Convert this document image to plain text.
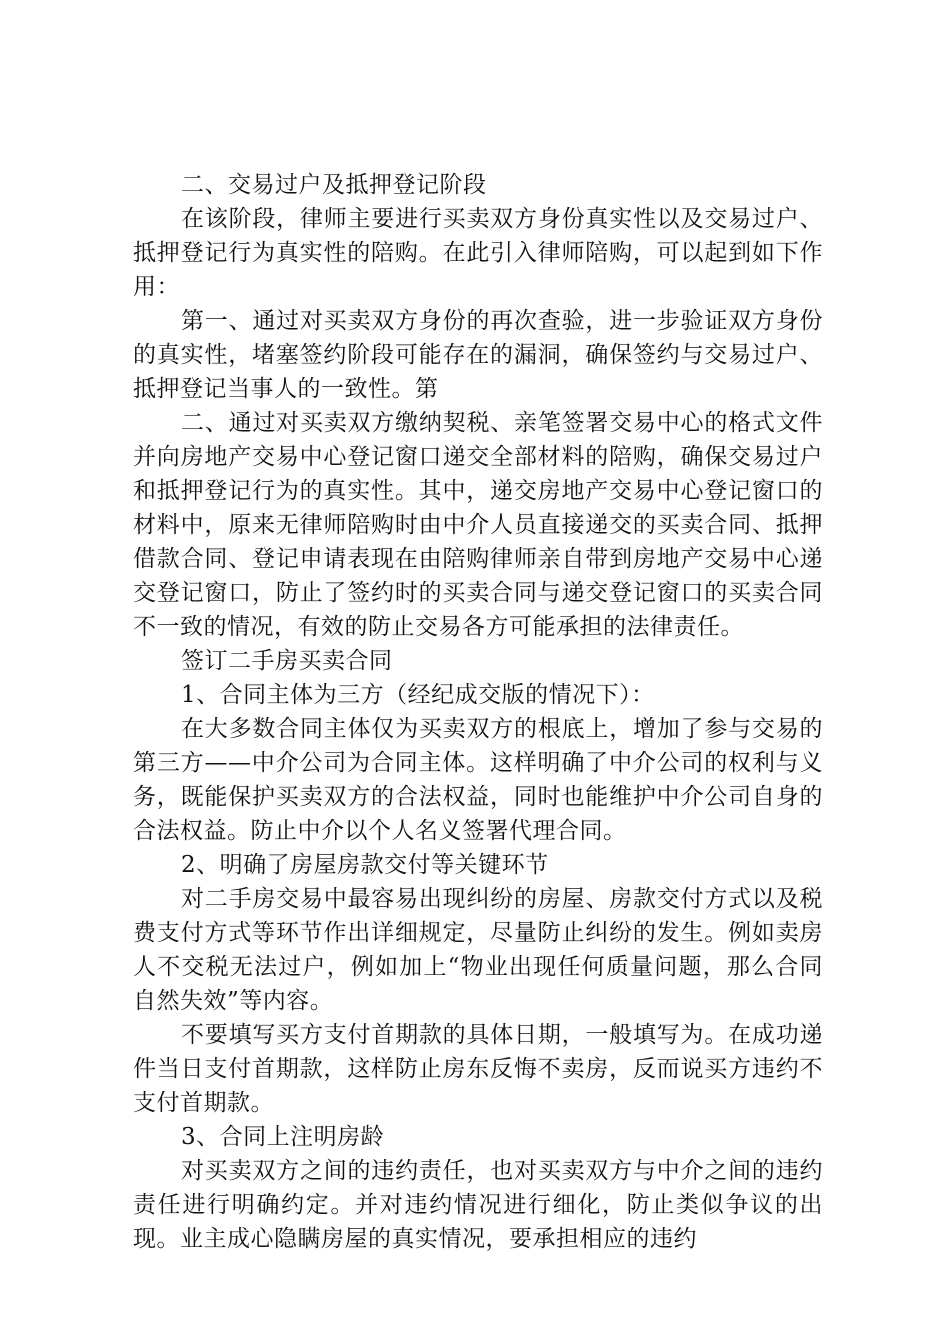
二、交易过户及抵押登记阶段

在该阶段，律师主要进行买卖双方身份真实性以及交易过户、抵押登记行为真实性的陪购。在此引入律师陪购，可以起到如下作用：

第一、通过对买卖双方身份的再次查验，进一步验证双方身份的真实性，堵塞签约阶段可能存在的漏洞，确保签约与交易过户、抵押登记当事人的一致性。第

二、通过对买卖双方缴纳契税、亲笔签署交易中心的格式文件并向房地产交易中心登记窗口递交全部材料的陪购，确保交易过户和抵押登记行为的真实性。其中，递交房地产交易中心登记窗口的材料中，原来无律师陪购时由中介人员直接递交的买卖合同、抵押借款合同、登记申请表现在由陪购律师亲自带到房地产交易中心递交登记窗口，防止了签约时的买卖合同与递交登记窗口的买卖合同不一致的情况，有效的防止交易各方可能承担的法律责任。

签订二手房买卖合同

1、合同主体为三方（经纪成交版的情况下）：

在大多数合同主体仅为买卖双方的根底上，增加了参与交易的第三方——中介公司为合同主体。这样明确了中介公司的权利与义务，既能保护买卖双方的合法权益，同时也能维护中介公司自身的合法权益。防止中介以个人名义签署代理合同。

2、明确了房屋房款交付等关键环节

对二手房交易中最容易出现纠纷的房屋、房款交付方式以及税费支付方式等环节作出详细规定，尽量防止纠纷的发生。例如卖房人不交税无法过户，例如加上“物业出现任何质量问题，那么合同自然失效”等内容。

不要填写买方支付首期款的具体日期，一般填写为。在成功递件当日支付首期款，这样防止房东反悔不卖房，反而说买方违约不支付首期款。

3、合同上注明房龄

对买卖双方之间的违约责任，也对买卖双方与中介之间的违约责任进行明确约定。并对违约情况进行细化，防止类似争议的出现。业主成心隐瞒房屋的真实情况，要承担相应的违约
